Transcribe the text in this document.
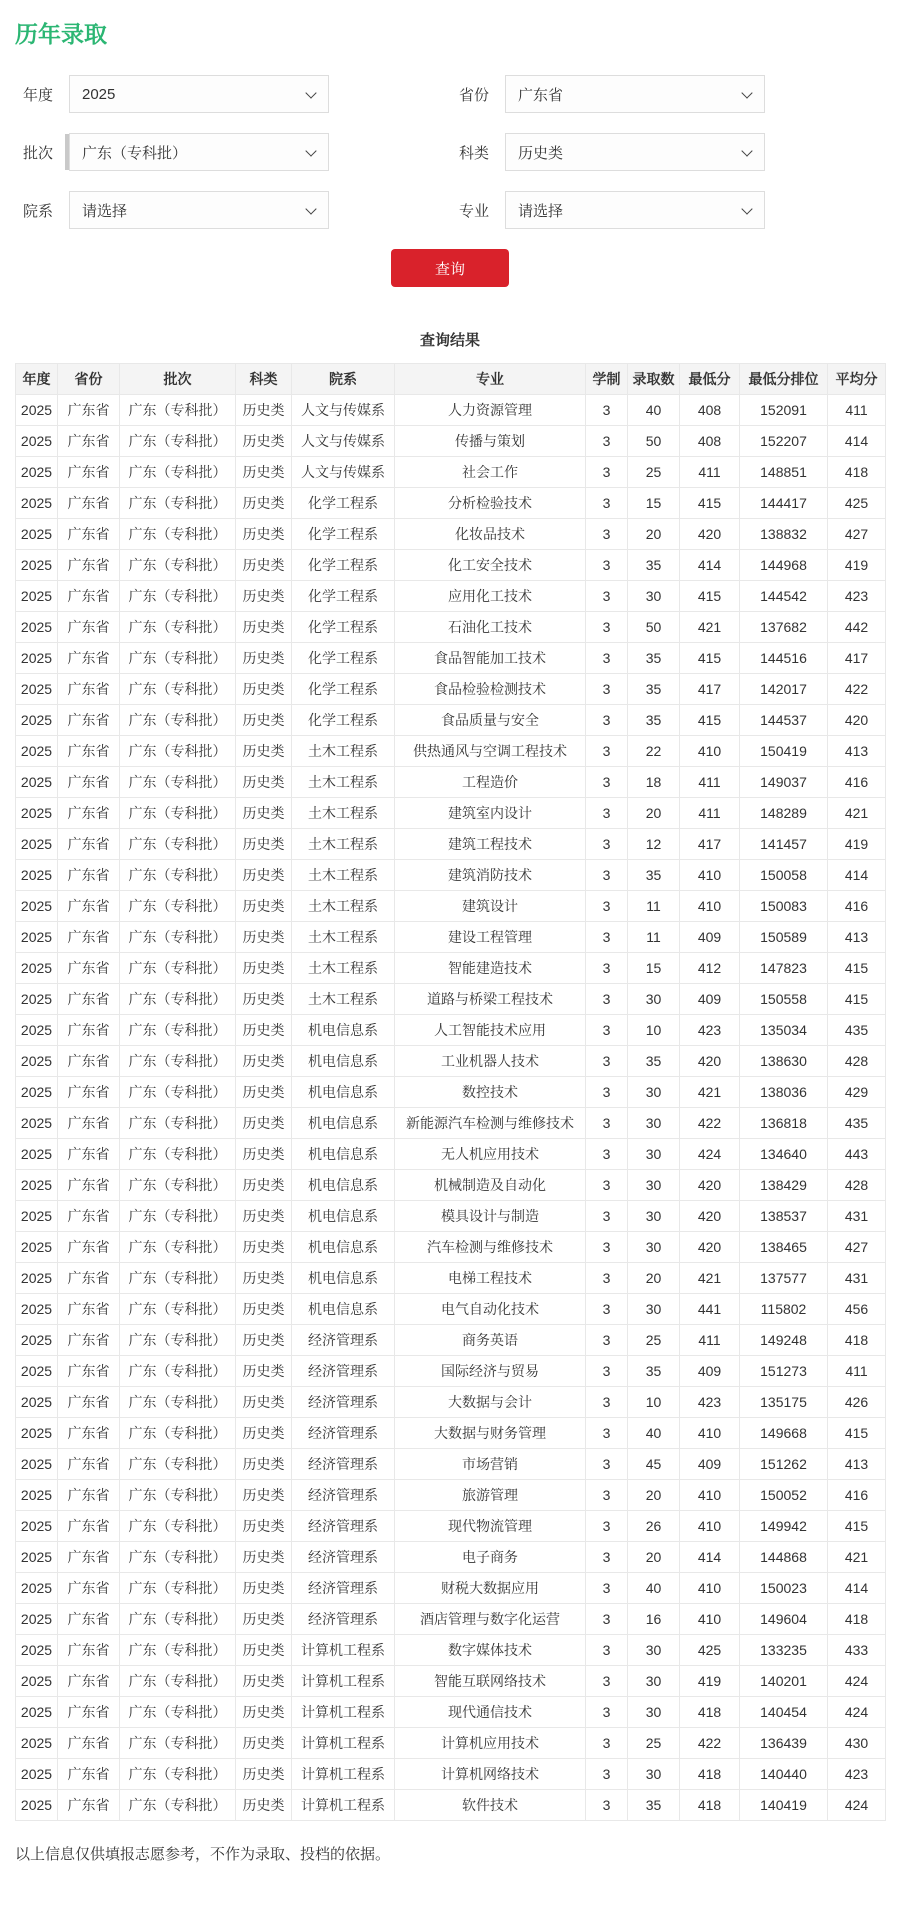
历年录取
年度 2025	省份 广东省
批次 广东（专科批）	科类 历史类
院系 请选择	专业 请选择
查询
查询结果
年度	省份	批次	科类	院系	专业	学制	录取数	最低分	最低分排位	平均分
2025	广东省	广东（专科批）	历史类	人文与传媒系	人力资源管理	3	40	408	152091	411
2025	广东省	广东（专科批）	历史类	人文与传媒系	传播与策划	3	50	408	152207	414
2025	广东省	广东（专科批）	历史类	人文与传媒系	社会工作	3	25	411	148851	418
2025	广东省	广东（专科批）	历史类	化学工程系	分析检验技术	3	15	415	144417	425
2025	广东省	广东（专科批）	历史类	化学工程系	化妆品技术	3	20	420	138832	427
2025	广东省	广东（专科批）	历史类	化学工程系	化工安全技术	3	35	414	144968	419
2025	广东省	广东（专科批）	历史类	化学工程系	应用化工技术	3	30	415	144542	423
2025	广东省	广东（专科批）	历史类	化学工程系	石油化工技术	3	50	421	137682	442
2025	广东省	广东（专科批）	历史类	化学工程系	食品智能加工技术	3	35	415	144516	417
2025	广东省	广东（专科批）	历史类	化学工程系	食品检验检测技术	3	35	417	142017	422
2025	广东省	广东（专科批）	历史类	化学工程系	食品质量与安全	3	35	415	144537	420
2025	广东省	广东（专科批）	历史类	土木工程系	供热通风与空调工程技术	3	22	410	150419	413
2025	广东省	广东（专科批）	历史类	土木工程系	工程造价	3	18	411	149037	416
2025	广东省	广东（专科批）	历史类	土木工程系	建筑室内设计	3	20	411	148289	421
2025	广东省	广东（专科批）	历史类	土木工程系	建筑工程技术	3	12	417	141457	419
2025	广东省	广东（专科批）	历史类	土木工程系	建筑消防技术	3	35	410	150058	414
2025	广东省	广东（专科批）	历史类	土木工程系	建筑设计	3	11	410	150083	416
2025	广东省	广东（专科批）	历史类	土木工程系	建设工程管理	3	11	409	150589	413
2025	广东省	广东（专科批）	历史类	土木工程系	智能建造技术	3	15	412	147823	415
2025	广东省	广东（专科批）	历史类	土木工程系	道路与桥梁工程技术	3	30	409	150558	415
2025	广东省	广东（专科批）	历史类	机电信息系	人工智能技术应用	3	10	423	135034	435
2025	广东省	广东（专科批）	历史类	机电信息系	工业机器人技术	3	35	420	138630	428
2025	广东省	广东（专科批）	历史类	机电信息系	数控技术	3	30	421	138036	429
2025	广东省	广东（专科批）	历史类	机电信息系	新能源汽车检测与维修技术	3	30	422	136818	435
2025	广东省	广东（专科批）	历史类	机电信息系	无人机应用技术	3	30	424	134640	443
2025	广东省	广东（专科批）	历史类	机电信息系	机械制造及自动化	3	30	420	138429	428
2025	广东省	广东（专科批）	历史类	机电信息系	模具设计与制造	3	30	420	138537	431
2025	广东省	广东（专科批）	历史类	机电信息系	汽车检测与维修技术	3	30	420	138465	427
2025	广东省	广东（专科批）	历史类	机电信息系	电梯工程技术	3	20	421	137577	431
2025	广东省	广东（专科批）	历史类	机电信息系	电气自动化技术	3	30	441	115802	456
2025	广东省	广东（专科批）	历史类	经济管理系	商务英语	3	25	411	149248	418
2025	广东省	广东（专科批）	历史类	经济管理系	国际经济与贸易	3	35	409	151273	411
2025	广东省	广东（专科批）	历史类	经济管理系	大数据与会计	3	10	423	135175	426
2025	广东省	广东（专科批）	历史类	经济管理系	大数据与财务管理	3	40	410	149668	415
2025	广东省	广东（专科批）	历史类	经济管理系	市场营销	3	45	409	151262	413
2025	广东省	广东（专科批）	历史类	经济管理系	旅游管理	3	20	410	150052	416
2025	广东省	广东（专科批）	历史类	经济管理系	现代物流管理	3	26	410	149942	415
2025	广东省	广东（专科批）	历史类	经济管理系	电子商务	3	20	414	144868	421
2025	广东省	广东（专科批）	历史类	经济管理系	财税大数据应用	3	40	410	150023	414
2025	广东省	广东（专科批）	历史类	经济管理系	酒店管理与数字化运营	3	16	410	149604	418
2025	广东省	广东（专科批）	历史类	计算机工程系	数字媒体技术	3	30	425	133235	433
2025	广东省	广东（专科批）	历史类	计算机工程系	智能互联网络技术	3	30	419	140201	424
2025	广东省	广东（专科批）	历史类	计算机工程系	现代通信技术	3	30	418	140454	424
2025	广东省	广东（专科批）	历史类	计算机工程系	计算机应用技术	3	25	422	136439	430
2025	广东省	广东（专科批）	历史类	计算机工程系	计算机网络技术	3	30	418	140440	423
2025	广东省	广东（专科批）	历史类	计算机工程系	软件技术	3	35	418	140419	424
以上信息仅供填报志愿参考，不作为录取、投档的依据。
